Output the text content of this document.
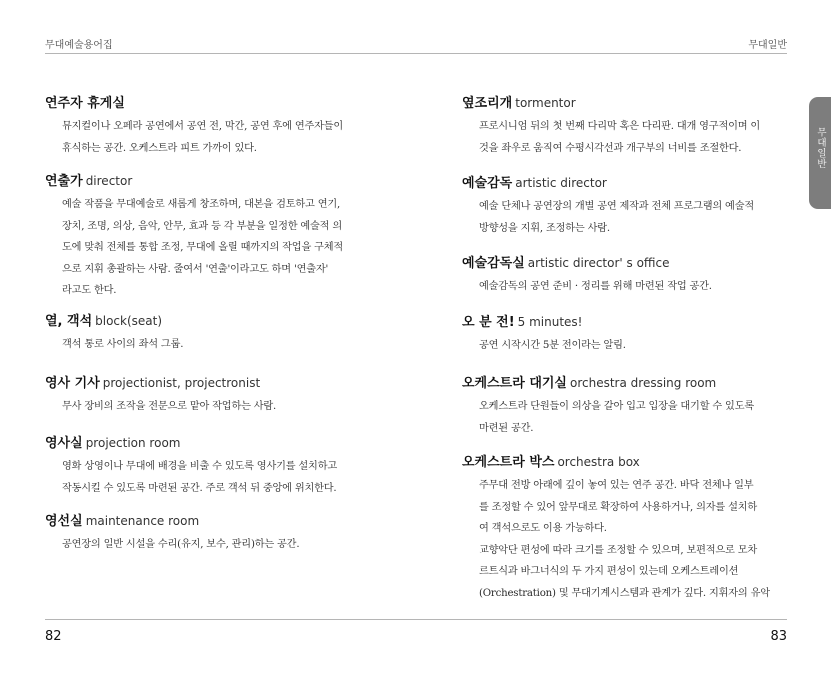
무대예술용어집	무대일반

연주자 휴게실

뮤지컬이나 오페라 공연에서 공연 전, 막간, 공연 후에 연주자들이
휴식하는 공간. 오케스트라 피트 가까이 있다.

연출가 director

예술 작품을 무대예술로 새롭게 창조하며, 대본을 검토하고 연기,
장치, 조명, 의상, 음악, 안무, 효과 등 각 부분을 일정한 예술적 의
도에 맞춰 전체를 통합 조정, 무대에 올릴 때까지의 작업을 구체적
으로 지휘 총괄하는 사람. 줄여서 '연출'이라고도 하며 '연출자'
라고도 한다.

열, 객석 block(seat)

객석 통로 사이의 좌석 그룹.

영사 기사 projectionist, projectronist

무사 장비의 조작을 전문으로 맡아 작업하는 사람.

영사실 projection room

영화 상영이나 무대에 배경을 비출 수 있도록 영사기를 설치하고
작동시킬 수 있도록 마련된 공간. 주로 객석 뒤 중앙에 위치한다.

영선실 maintenance room

공연장의 일반 시설을 수리(유지, 보수, 관리)하는 공간.

옆조리개 tormentor

프로시니엄 뒤의 첫 번째 다리막 혹은 다리판. 대개 영구적이며 이
것을 좌우로 움직여 수평시각선과 개구부의 너비를 조절한다.

예술감독 artistic director

예술 단체나 공연장의 개별 공연 제작과 전체 프로그램의 예술적
방향성을 지휘, 조정하는 사람.

예술감독실 artistic director' s office

예술감독의 공연 준비 · 정리를 위해 마련된 작업 공간.

오 분 전! 5 minutes!

공연 시작시간 5분 전이라는 알림.

오케스트라 대기실 orchestra dressing room

오케스트라 단원들이 의상을 갈아 입고 입장을 대기할 수 있도록
마련된 공간.

오케스트라 박스 orchestra box

주무대 전방 아래에 깊이 놓여 있는 연주 공간. 바닥 전체나 일부
를 조정할 수 있어 앞무대로 확장하여 사용하거나, 의자를 설치하
여 객석으로도 이용 가능하다.
교향악단 편성에 따라 크기를 조정할 수 있으며, 보편적으로 모차
르트식과 바그너식의 두 가지 편성이 있는데 오케스트레이션
(Orchestration) 및 무대기계시스템과 관계가 깊다. 지휘자의 유악
무대일반
82	83
